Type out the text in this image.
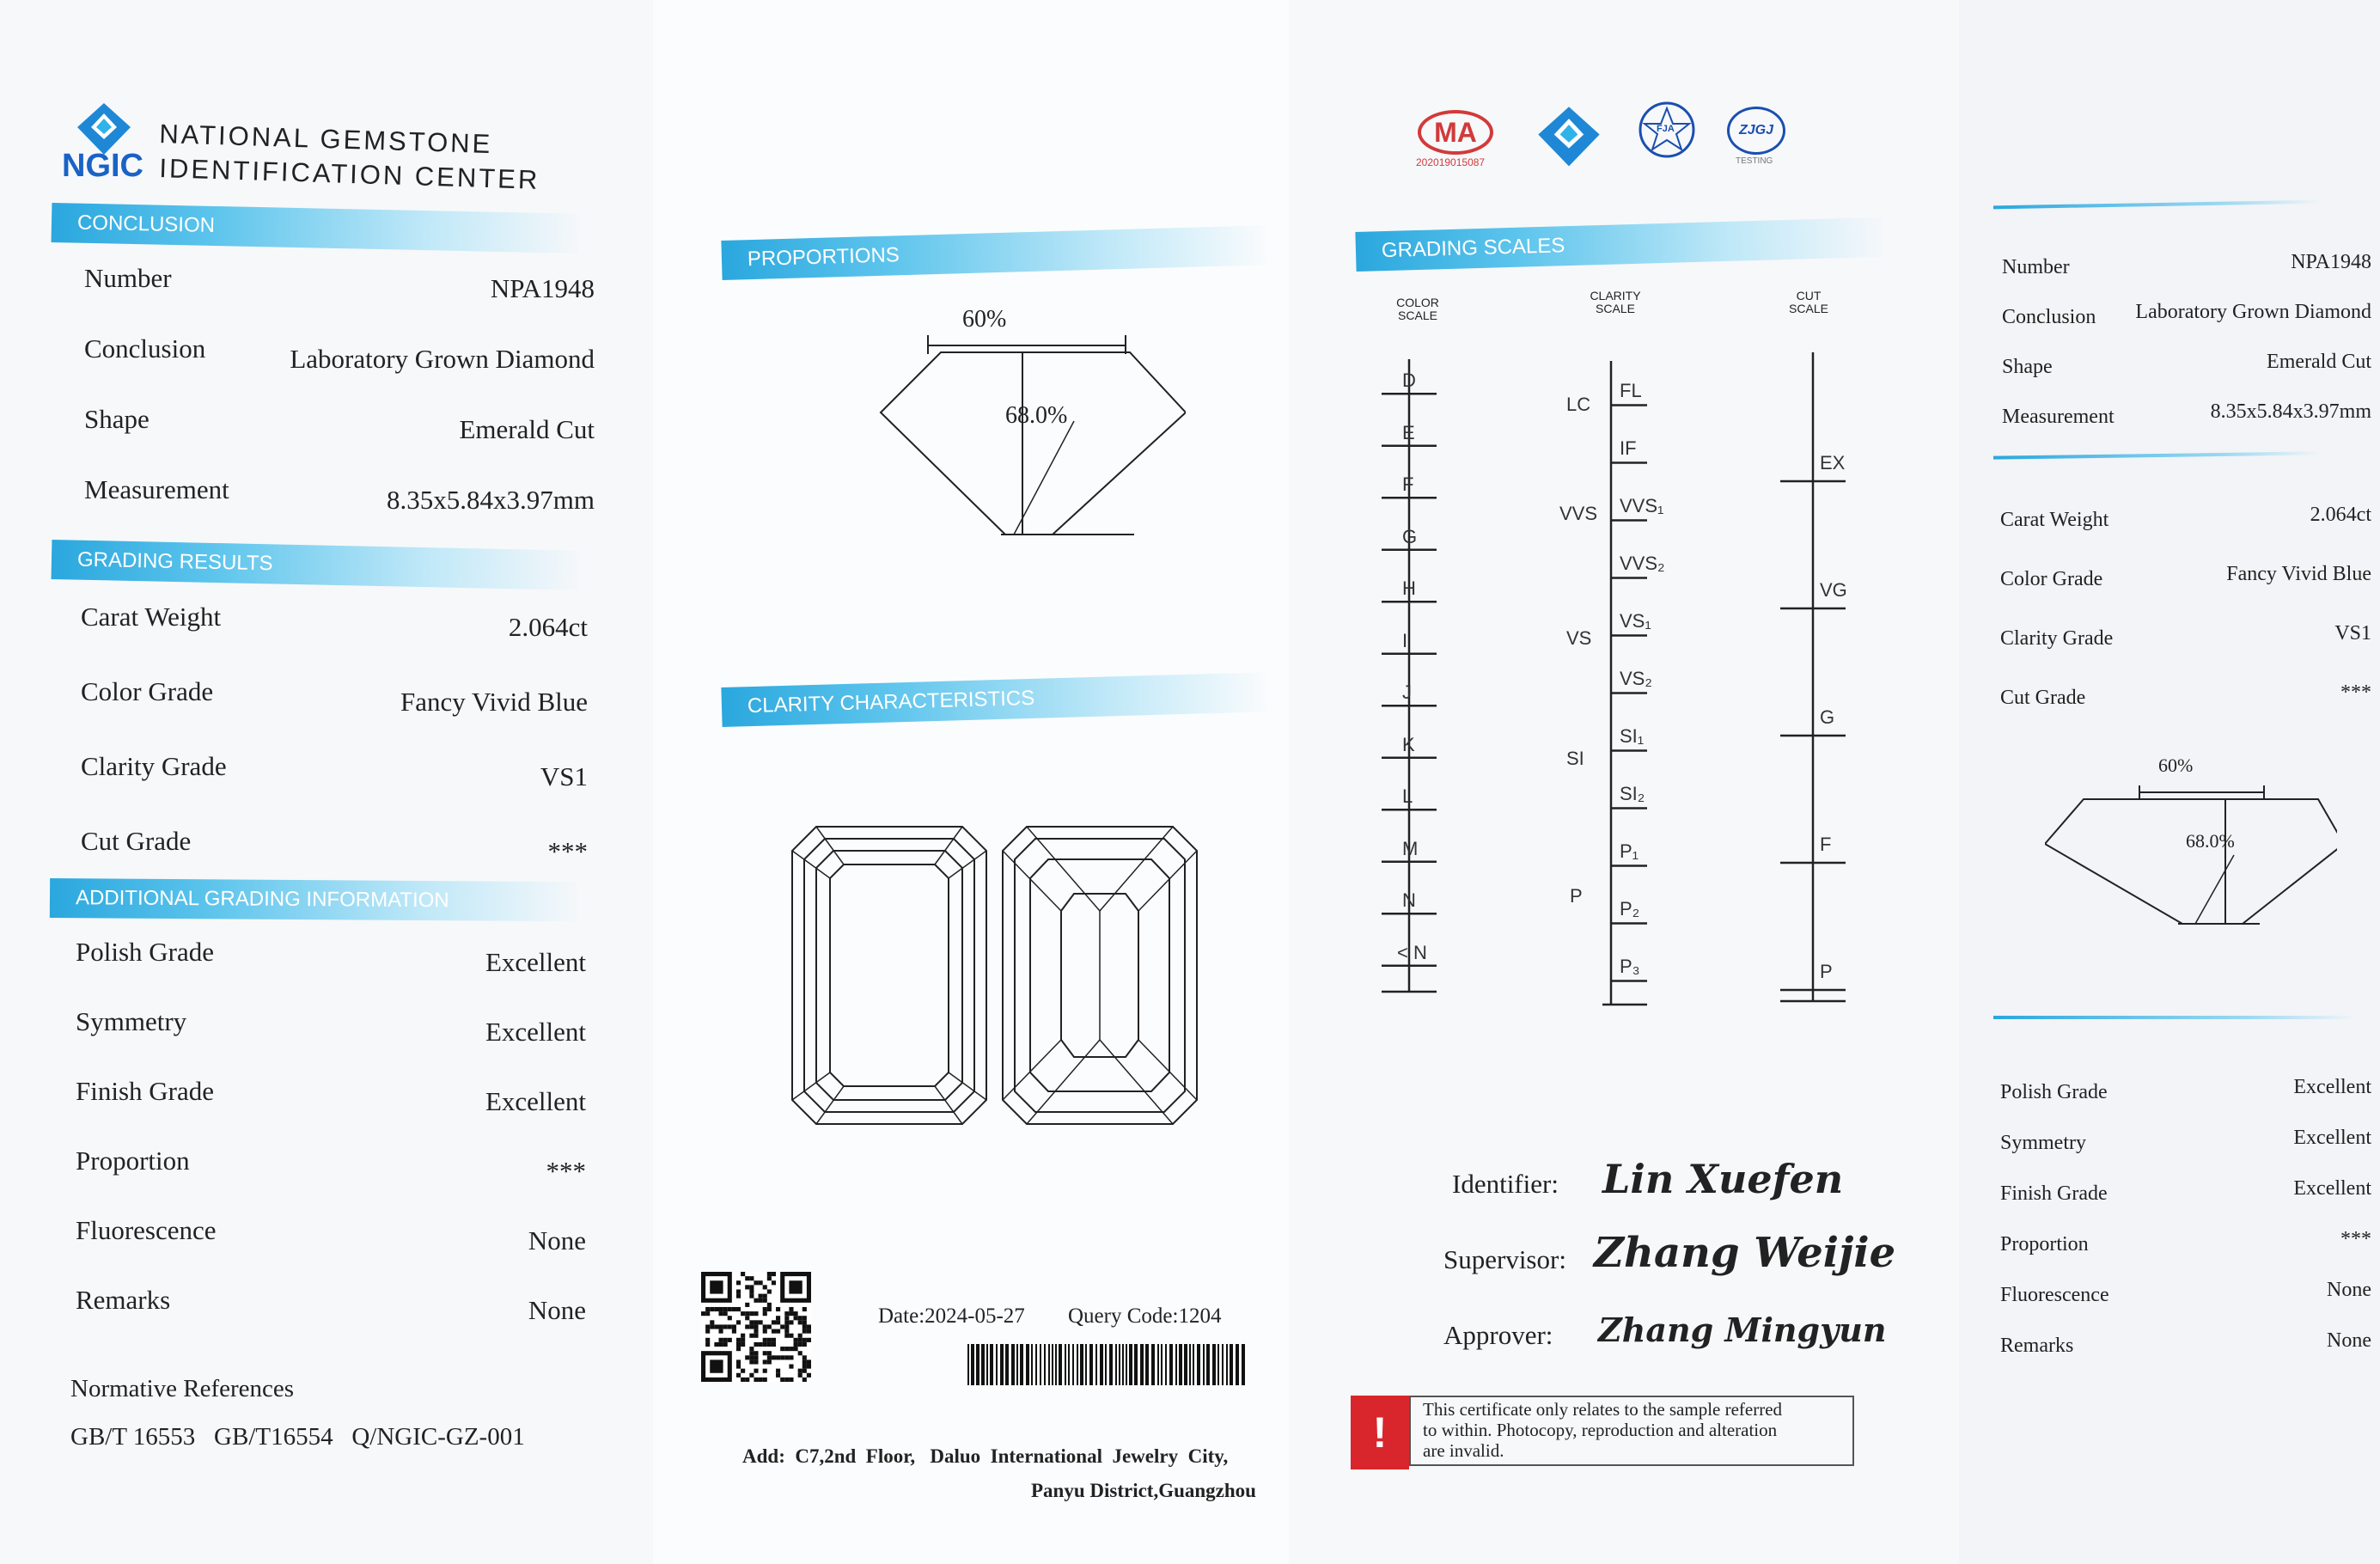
NGIC
NATIONAL GEMSTONE
IDENTIFICATION CENTER
CONCLUSION
Number	NPA1948
Conclusion	Laboratory Grown Diamond
Shape	Emerald Cut
Measurement	8.35x5.84x3.97mm
GRADING RESULTS
Carat Weight	2.064ct
Color Grade	Fancy Vivid Blue
Clarity Grade	VS1
Cut Grade	***
ADDITIONAL GRADING INFORMATION
Polish Grade	Excellent
Symmetry	Excellent
Finish Grade	Excellent
Proportion	***
Fluorescence	None
Remarks	None
Normative References
GB/T 16553   GB/T16554   Q/NGIC-GZ-001
PROPORTIONS
60%
68.0%
CLARITY CHARACTERISTICS
Date:2024-05-27 Query Code:1204
Add:  C7,2nd  Floor,   Daluo  International  Jewelry  City,
Panyu District,Guangzhou
MA
202019015087
FJA	ZJGJ
TESTING
GRADING SCALES
COLOR SCALE
CLARITY SCALE
CUT SCALE
D
E
F
G
H
I
J
K
L
M
N
< N
FL
IF
VVS₁
VVS₂
VS₁
VS₂
SI₁
SI₂
P₁
P₂
P₃
LC
VVS
VS
SI
P
EX
VG
G
F
P
Identifier: Lin Xuefen
Supervisor: Zhang Weijie
Approver: Zhang Mingyun
!	This certificate only relates to the sample referred
to within. Photocopy, reproduction and alteration
are invalid.
Number	NPA1948
Conclusion Laboratory Grown Diamond
Shape	Emerald Cut
Measurement	8.35x5.84x3.97mm
Carat Weight	2.064ct
Color Grade	Fancy Vivid Blue
Clarity Grade	VS1
Cut Grade	***
60%
68.0%
Polish Grade	Excellent
Symmetry	Excellent
Finish Grade	Excellent
Proportion	***
Fluorescence	None
Remarks	None
